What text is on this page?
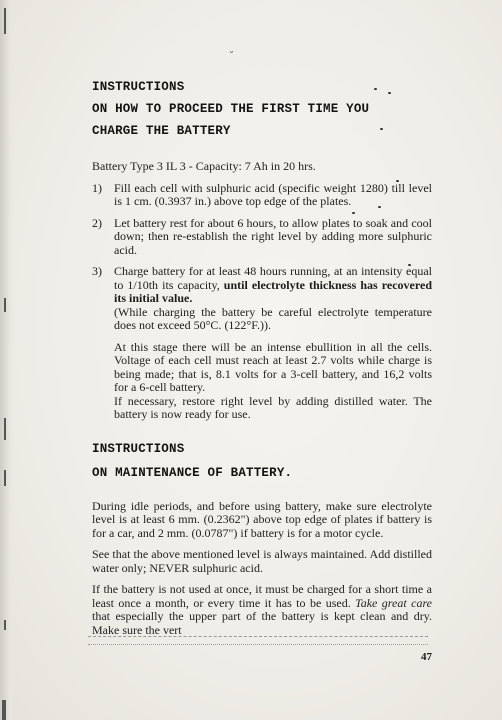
˘
INSTRUCTIONS
ON HOW TO PROCEED THE FIRST TIME YOU
CHARGE THE BATTERY
Battery Type 3 IL 3 - Capacity: 7 Ah in 20 hrs.
1) Fill each cell with sulphuric acid (specific weight 1280) till level is 1 cm. (0.3937 in.) above top edge of the plates.
2) Let battery rest for about 6 hours, to allow plates to soak and cool down; then re-establish the right level by adding more sulphuric acid.
3) Charge battery for at least 48 hours running, at an intensity equal to 1/10th its capacity, until electrolyte thickness has recovered its initial value.
(While charging the battery be careful electrolyte temperature does not exceed 50°C. (122°F.)).
At this stage there will be an intense ebullition in all the cells. Voltage of each cell must reach at least 2.7 volts while charge is being made; that is, 8.1 volts for a 3-cell battery, and 16,2 volts for a 6-cell battery.
If necessary, restore right level by adding distilled water. The battery is now ready for use.
INSTRUCTIONS
ON MAINTENANCE OF BATTERY.
During idle periods, and before using battery, make sure electrolyte level is at least 6 mm. (0.2362") above top edge of plates if battery is for a car, and 2 mm. (0.0787") if battery is for a motor cycle.
See that the above mentioned level is always maintained. Add distilled water only; NEVER sulphuric acid.
If the battery is not used at once, it must be charged for a short time a least once a month, or every time it has to be used. Take great care that especially the upper part of the battery is kept clean and dry. Make sure the vert
47
